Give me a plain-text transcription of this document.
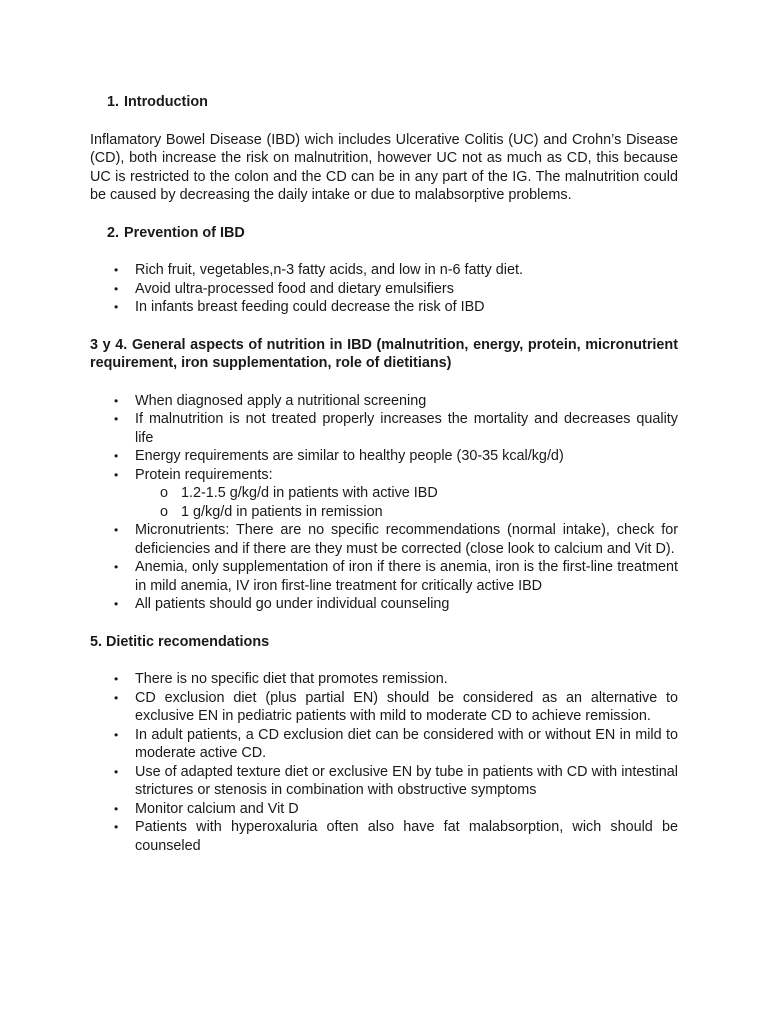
1. Introduction

Inflamatory Bowel Disease (IBD) wich includes Ulcerative Colitis (UC) and Crohn’s Disease (CD), both increase the risk on malnutrition, however UC not as much as CD, this because UC is restricted to the colon and the CD can be in any part of the IG. The malnutrition could be caused by decreasing the daily intake or due to malabsorptive problems.

2. Prevention of IBD

• Rich fruit, vegetables,n-3 fatty acids, and low in n-6 fatty diet.
• Avoid ultra-processed food and dietary emulsifiers
• In infants breast feeding could decrease the risk of IBD

3 y 4. General aspects of nutrition in IBD (malnutrition, energy, protein, micronutrient requirement, iron supplementation, role of dietitians)

• When diagnosed apply a nutritional screening
• If malnutrition is not treated properly increases the mortality and decreases quality life
• Energy requirements are similar to healthy people (30-35 kcal/kg/d)
• Protein requirements:
o 1.2-1.5 g/kg/d in patients with active IBD
o 1 g/kg/d in patients in remission
• Micronutrients: There are no specific recommendations (normal intake), check for deficiencies and if there are they must be corrected (close look to calcium and Vit D).
• Anemia, only supplementation of iron if there is anemia, iron is the first-line treatment in mild anemia, IV iron first-line treatment for critically active IBD
• All patients should go under individual counseling

5. Dietitic recomendations

• There is no specific diet that promotes remission.
• CD exclusion diet (plus partial EN) should be considered as an alternative to exclusive EN in pediatric patients with mild to moderate CD to achieve remission.
• In adult patients, a CD exclusion diet can be considered with or without EN in mild to moderate active CD.
• Use of adapted texture diet or exclusive EN by tube in patients with CD with intestinal strictures or stenosis in combination with obstructive symptoms
• Monitor calcium and Vit D
• Patients with hyperoxaluria often also have fat malabsorption, wich should be counseled
